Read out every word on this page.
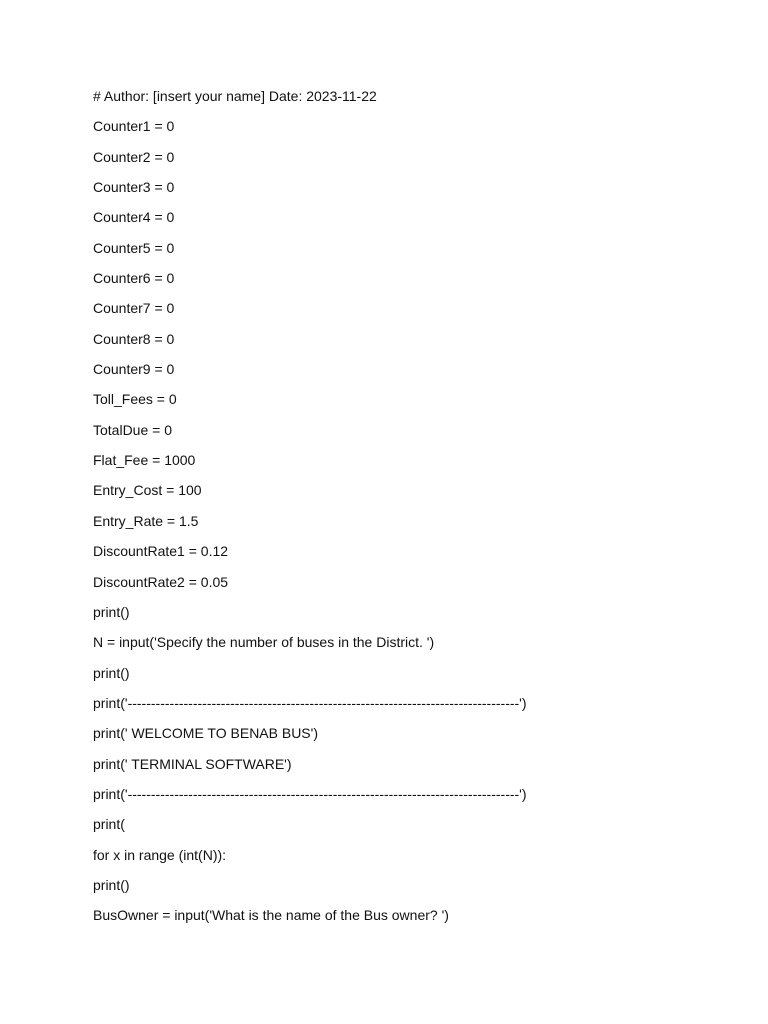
# Author: [insert your name] Date: 2023-11-22
Counter1 = 0
Counter2 = 0
Counter3 = 0
Counter4 = 0
Counter5 = 0
Counter6 = 0
Counter7 = 0
Counter8 = 0
Counter9 = 0
Toll_Fees = 0
TotalDue = 0
Flat_Fee = 1000
Entry_Cost = 100
Entry_Rate = 1.5
DiscountRate1 = 0.12
DiscountRate2 = 0.05
print()
N = input('Specify the number of buses in the District. ')
print()
print('------------------------------------------------------------------------------------')
print(' WELCOME TO BENAB BUS')
print(' TERMINAL SOFTWARE')
print('------------------------------------------------------------------------------------')
print(
for x in range (int(N)):
print()
BusOwner = input('What is the name of the Bus owner? ')
